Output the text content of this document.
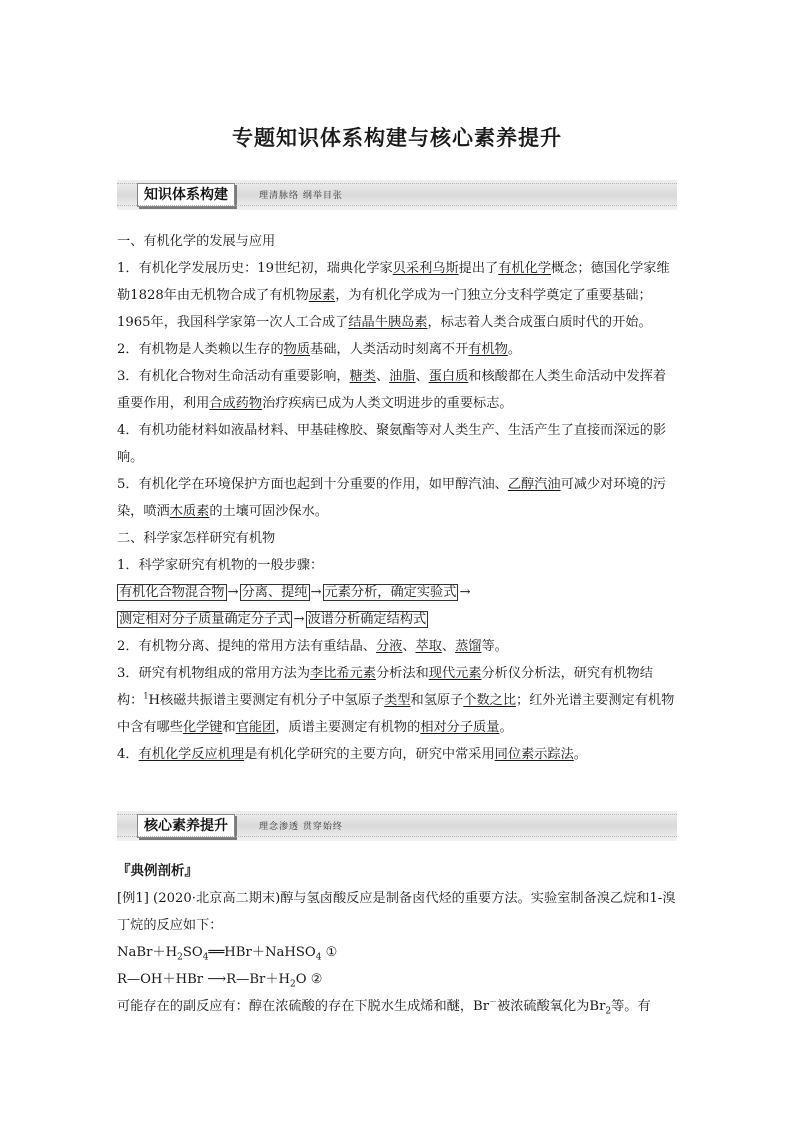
专题知识体系构建与核心素养提升
知识体系构建	理清脉络 纲举目张

一、有机化学的发展与应用

1．有机化学发展历史：19世纪初，瑞典化学家贝采利乌斯提出了有机化学概念；德国化学家维勒1828年由无机物合成了有机物尿素，为有机化学成为一门独立分支科学奠定了重要基础；1965年，我国科学家第一次人工合成了结晶牛胰岛素，标志着人类合成蛋白质时代的开始。

2．有机物是人类赖以生存的物质基础，人类活动时刻离不开有机物。

3．有机化合物对生命活动有重要影响，糖类、油脂、蛋白质和核酸都在人类生命活动中发挥着重要作用，利用合成药物治疗疾病已成为人类文明进步的重要标志。

4．有机功能材料如液晶材料、甲基硅橡胶、聚氨酯等对人类生产、生活产生了直接而深远的影响。

5．有机化学在环境保护方面也起到十分重要的作用，如甲醇汽油、乙醇汽油可减少对环境的污染，喷洒木质素的土壤可固沙保水。

二、科学家怎样研究有机物

1．科学家研究有机物的一般步骤：

有机化合物混合物 → 分离、提纯 → 元素分析，确定实验式 →

测定相对分子质量确定分子式 → 波谱分析确定结构式

2．有机物分离、提纯的常用方法有重结晶、分液、萃取、蒸馏等。

3．研究有机物组成的常用方法为李比希元素分析法和现代元素分析仪分析法，研究有机物结构：$^1$H核磁共振谱主要测定有机分子中氢原子类型和氢原子个数之比；红外光谱主要测定有机物中含有哪些化学键和官能团，质谱主要测定有机物的相对分子质量。

4．有机化学反应机理是有机化学研究的主要方向，研究中常采用同位素示踪法。

核心素养提升	理念渗透 贯穿始终

『典例剖析』

[例1] (2020·北京高二期末)醇与氢卤酸反应是制备卤代烃的重要方法。实验室制备溴乙烷和1-溴丁烷的反应如下：

$NaBr+H_2SO_4══HBr+NaHSO_4$ ①

R—OH＋HBr $⟶R—Br+H_2O$ ②

可能存在的副反应有：醇在浓硫酸的存在下脱水生成烯和醚，Br－被浓硫酸氧化为$Br_2$等。有
